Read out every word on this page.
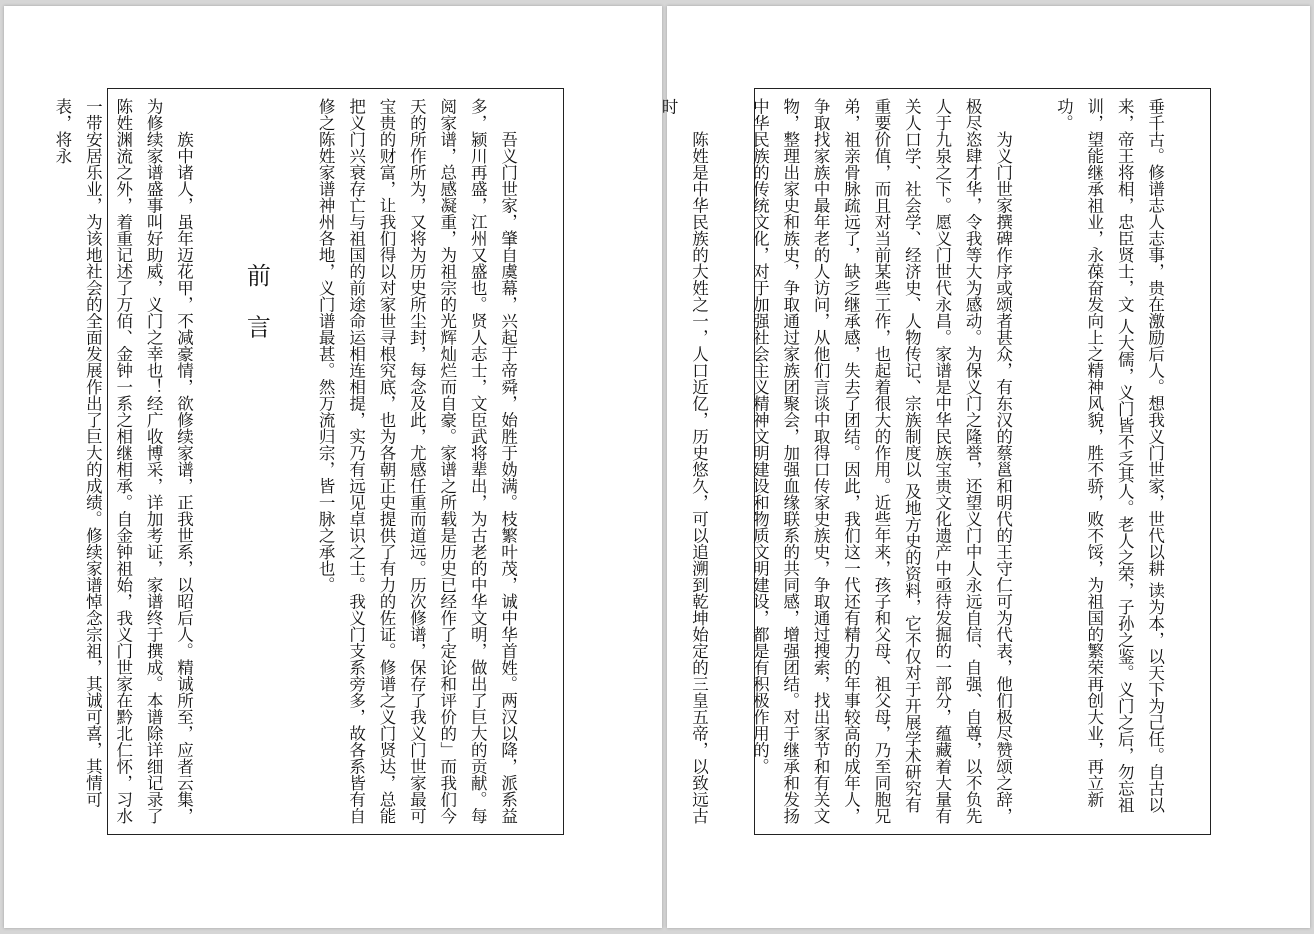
吾义门世家，肇自虞幕，兴起于帝舜，始胜于妫满。枝繁叶茂，诚中华首姓。两汉以降，派系益多，颍川再盛，江州又盛也。贤人志士，文臣武将辈出，为古老的中华文明，做出了巨大的贡献。每阅家谱，总感凝重，为祖宗的光辉灿烂而自豪。家谱之所载是历史已经作了定论和评价的」而我们今天的所作所为，又将为历史所尘封，每念及此，尤感任重而道远。历次修谱，保存了我义门世家最可宝贵的财富，让我们得以对家世寻根究底，也为各朝正史提供了有力的佐证。修谱之义门贤达，总能把义门兴衰存亡与祖国的前途命运相连相提，实乃有远见卓识之士。我义门支系旁多，故各系皆有自修之陈姓家谱神州各地，义门谱最甚。然万流归宗，皆一脉之承也。

前 言

族中诸人，虽年迈花甲，不减豪情，欲修续家谱，正我世系，以昭后人。精诚所至，应者云集，为修续家谱盛事叫好助威，义门之幸也！经广收博采，详加考证，家谱终于撰成。本谱除详细记录了陈姓渊流之外，着重记述了万佰、金钟一系之相继相承。自金钟祖始，我义门世家在黔北仁怀，习水一带安居乐业，为该地社会的全面发展作出了巨大的成绩。修续家谱悼念宗祖，其诚可喜，其情可表，将永	垂千古。修谱志人志事，贵在激励后人。想我义门世家，世代以耕 读为本，以天下为己任。自古以来，帝王将相，忠臣贤士，文 人大儒，义门皆不乏其人。老人之荣，子孙之鉴。义门之后，勿忘祖训，望能继承祖业，永葆奋发向上之精神风貌，胜不骄，败不馁，为祖国的繁荣再创大业，再立新功。

为义门世家撰碑作序或颂者甚众，有东汉的蔡邕和明代的王守仁可为代表，他们极尽赞颂之辞，极尽恣肆才华，令我等大为感动。为保义门之隆誉，还望义门中人永远自信、自强、自尊，以不负先人于九泉之下。愿义门世代永昌。家谱是中华民族宝贵文化遗产中亟待发掘的一部分，蕴藏着大量有关人口学、社会学、经济史、人物传记、宗族制度以 及地方史的资料，它不仅对于开展学术研究有重要价值，而且对当前某些工作，也起着很大的作用。近些年来，孩子和父母、祖父母，乃至同胞兄弟，祖亲骨脉疏远了，缺乏继承感，失去了团结。因此，我们这一代还有精力的年事较高的成年人，争取找家族中最年老的人访问，从他们言谈中取得口传家史族史，争取通过搜索，找出家节和有关文物，整理出家史和族史，争取通过家族团聚会，加强血缘联系的共同感，增强团结。对于继承和发扬中华民族的传统文化，对于加强社会主义精神文明建设和物质文明建设，都是有积极作用的。

陈姓是中华民族的大姓之一，人口近亿，历史悠久，可以追溯到乾坤始定的三皇五帝，以致远古时
